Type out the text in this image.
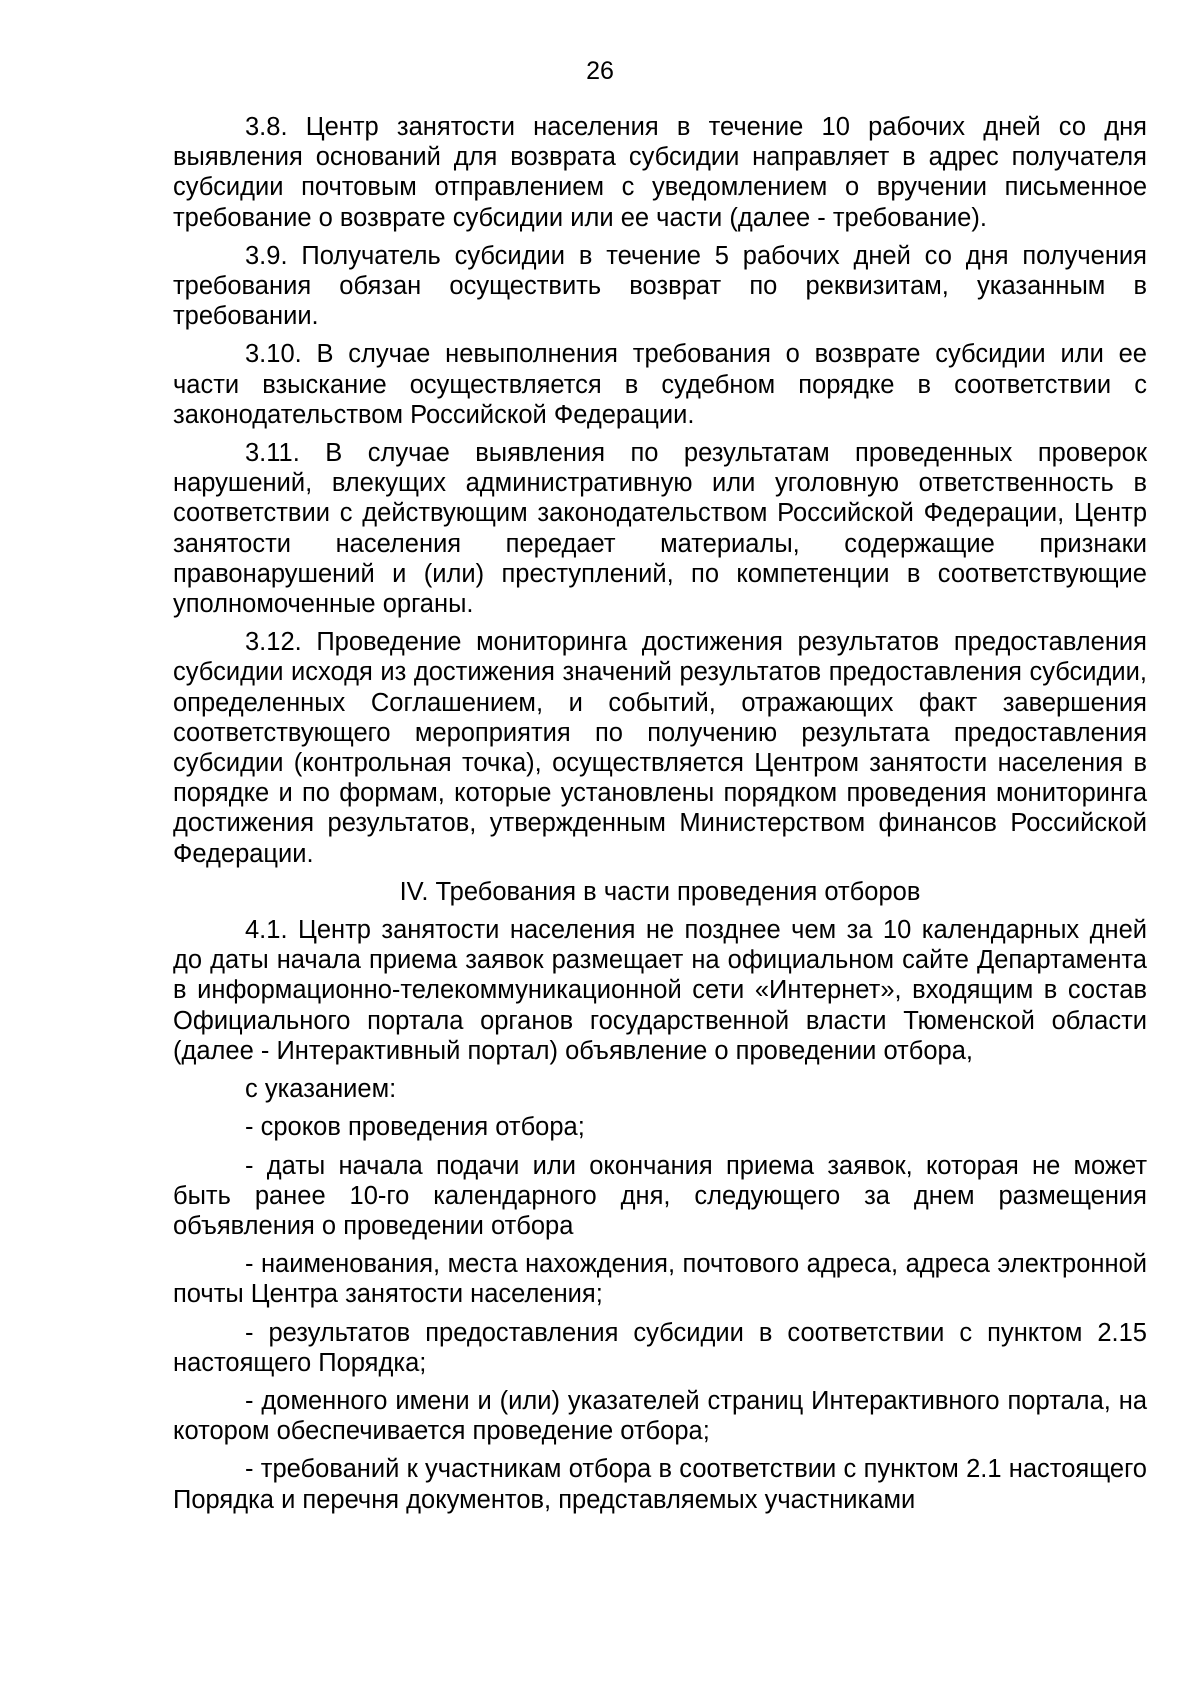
26

3.8. Центр занятости населения в течение 10 рабочих дней со дня выявления оснований для возврата субсидии направляет в адрес получателя субсидии почтовым отправлением с уведомлением о вручении письменное требование о возврате субсидии или ее части (далее - требование).

3.9. Получатель субсидии в течение 5 рабочих дней со дня получения требования обязан осуществить возврат по реквизитам, указанным в требовании.

3.10. В случае невыполнения требования о возврате субсидии или ее части взыскание осуществляется в судебном порядке в соответствии с законодательством Российской Федерации.

3.11. В случае выявления по результатам проведенных проверок нарушений, влекущих административную или уголовную ответственность в соответствии с действующим законодательством Российской Федерации, Центр занятости населения передает материалы, содержащие признаки правонарушений и (или) преступлений, по компетенции в соответствующие уполномоченные органы.

3.12. Проведение мониторинга достижения результатов предоставления субсидии исходя из достижения значений результатов предоставления субсидии, определенных Соглашением, и событий, отражающих факт завершения соответствующего мероприятия по получению результата предоставления субсидии (контрольная точка), осуществляется Центром занятости населения в порядке и по формам, которые установлены порядком проведения мониторинга достижения результатов, утвержденным Министерством финансов Российской Федерации.

IV. Требования в части проведения отборов

4.1. Центр занятости населения не позднее чем за 10 календарных дней до даты начала приема заявок размещает на официальном сайте Департамента в информационно-телекоммуникационной сети «Интернет», входящим в состав Официального портала органов государственной власти Тюменской области (далее - Интерактивный портал) объявление о проведении отбора,

с указанием:

- сроков проведения отбора;

- даты начала подачи или окончания приема заявок, которая не может быть ранее 10-го календарного дня, следующего за днем размещения объявления о проведении отбора

- наименования, места нахождения, почтового адреса, адреса электронной почты Центра занятости населения;

- результатов предоставления субсидии в соответствии с пунктом 2.15 настоящего Порядка;

- доменного имени и (или) указателей страниц Интерактивного портала, на котором обеспечивается проведение отбора;

- требований к участникам отбора в соответствии с пунктом 2.1 настоящего Порядка и перечня документов, представляемых участниками
